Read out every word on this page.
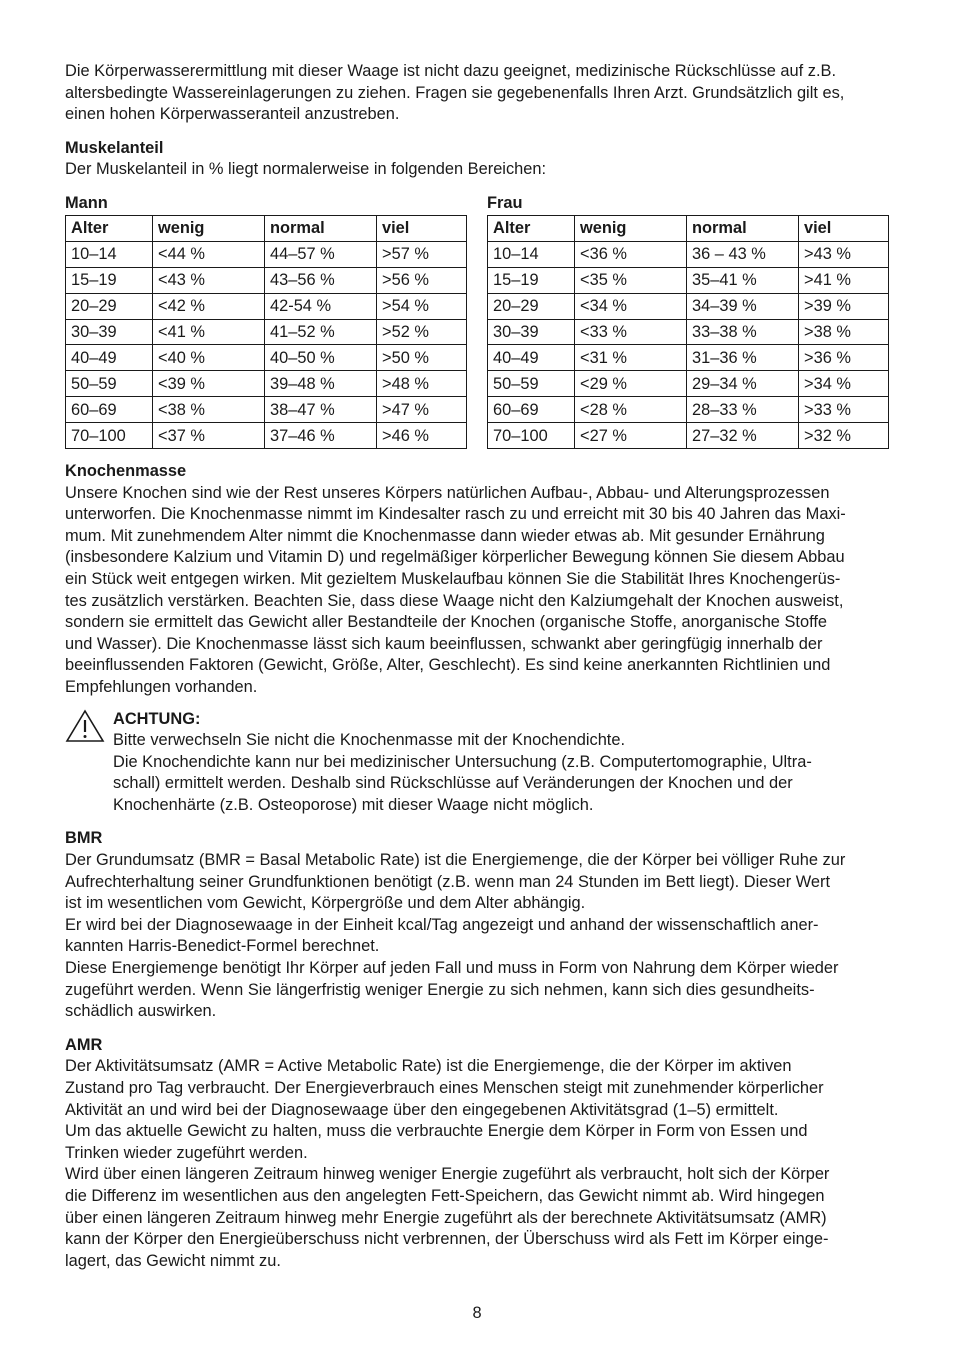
Die Körperwasserermittlung mit dieser Waage ist nicht dazu geeignet, medizinische Rückschlüsse auf z.B.
altersbedingte Wassereinlagerungen zu ziehen. Fragen sie gegebenenfalls Ihren Arzt. Grundsätzlich gilt es,
einen hohen Körperwasseranteil anzustreben.

Muskelanteil

Der Muskelanteil in % liegt normalerweise in folgenden Bereichen:

Mann
Alter	wenig	normal	viel
10–14	<44 %	44–57 %	>57 %
15–19	<43 %	43–56 %	>56 %
20–29	<42 %	42-54 %	>54 %
30–39	<41 %	41–52 %	>52 %
40–49	<40 %	40–50 %	>50 %
50–59	<39 %	39–48 %	>48 %
60–69	<38 %	38–47 %	>47 %
70–100	<37 %	37–46 %	>46 %
Frau
Alter	wenig	normal	viel
10–14	<36 %	36 – 43 %	>43 %
15–19	<35 %	35–41 %	>41 %
20–29	<34 %	34–39 %	>39 %
30–39	<33 %	33–38 %	>38 %
40–49	<31 %	31–36 %	>36 %
50–59	<29 %	29–34 %	>34 %
60–69	<28 %	28–33 %	>33 %
70–100	<27 %	27–32 %	>32 %

Knochenmasse

Unsere Knochen sind wie der Rest unseres Körpers natürlichen Aufbau-, Abbau- und Alterungsprozessen
unterworfen. Die Knochenmasse nimmt im Kindesalter rasch zu und erreicht mit 30 bis 40 Jahren das Maxi-
mum. Mit zunehmendem Alter nimmt die Knochenmasse dann wieder etwas ab. Mit gesunder Ernährung
(insbesondere Kalzium und Vitamin D) und regelmäßiger körperlicher Bewegung können Sie diesem Abbau
ein Stück weit entgegen wirken. Mit gezieltem Muskelaufbau können Sie die Stabilität Ihres Knochengerüs-
tes zusätzlich verstärken. Beachten Sie, dass diese Waage nicht den Kalziumgehalt der Knochen ausweist,
sondern sie ermittelt das Gewicht aller Bestandteile der Knochen (organische Stoffe, anorganische Stoffe
und Wasser). Die Knochenmasse lässt sich kaum beeinflussen, schwankt aber geringfügig innerhalb der
beeinflussenden Faktoren (Gewicht, Größe, Alter, Geschlecht). Es sind keine anerkannten Richtlinien und
Empfehlungen vorhanden.
ACHTUNG:
Bitte verwechseln Sie nicht die Knochenmasse mit der Knochendichte.
Die Knochendichte kann nur bei medizinischer Untersuchung (z.B. Computertomographie, Ultra-
schall) ermittelt werden. Deshalb sind Rückschlüsse auf Veränderungen der Knochen und der
Knochenhärte (z.B. Osteoporose) mit dieser Waage nicht möglich.

BMR

Der Grundumsatz (BMR = Basal Metabolic Rate) ist die Energiemenge, die der Körper bei völliger Ruhe zur
Aufrechterhaltung seiner Grundfunktionen benötigt (z.B. wenn man 24 Stunden im Bett liegt). Dieser Wert
ist im wesentlichen vom Gewicht, Körpergröße und dem Alter abhängig.
Er wird bei der Diagnosewaage in der Einheit kcal/Tag angezeigt und anhand der wissenschaftlich aner-
kannten Harris-Benedict-Formel berechnet.
Diese Energiemenge benötigt Ihr Körper auf jeden Fall und muss in Form von Nahrung dem Körper wieder
zugeführt werden. Wenn Sie längerfristig weniger Energie zu sich nehmen, kann sich dies gesundheits-
schädlich auswirken.

AMR

Der Aktivitätsumsatz (AMR = Active Metabolic Rate) ist die Energiemenge, die der Körper im aktiven
Zustand pro Tag verbraucht. Der Energieverbrauch eines Menschen steigt mit zunehmender körperlicher
Aktivität an und wird bei der Diagnosewaage über den eingegebenen Aktivitätsgrad (1–5) ermittelt.
Um das aktuelle Gewicht zu halten, muss die verbrauchte Energie dem Körper in Form von Essen und
Trinken wieder zugeführt werden.
Wird über einen längeren Zeitraum hinweg weniger Energie zugeführt als verbraucht, holt sich der Körper
die Differenz im wesentlichen aus den angelegten Fett-Speichern, das Gewicht nimmt ab. Wird hingegen
über einen längeren Zeitraum hinweg mehr Energie zugeführt als der berechnete Aktivitätsumsatz (AMR)
kann der Körper den Energieüberschuss nicht verbrennen, der Überschuss wird als Fett im Körper einge-
lagert, das Gewicht nimmt zu.
8
